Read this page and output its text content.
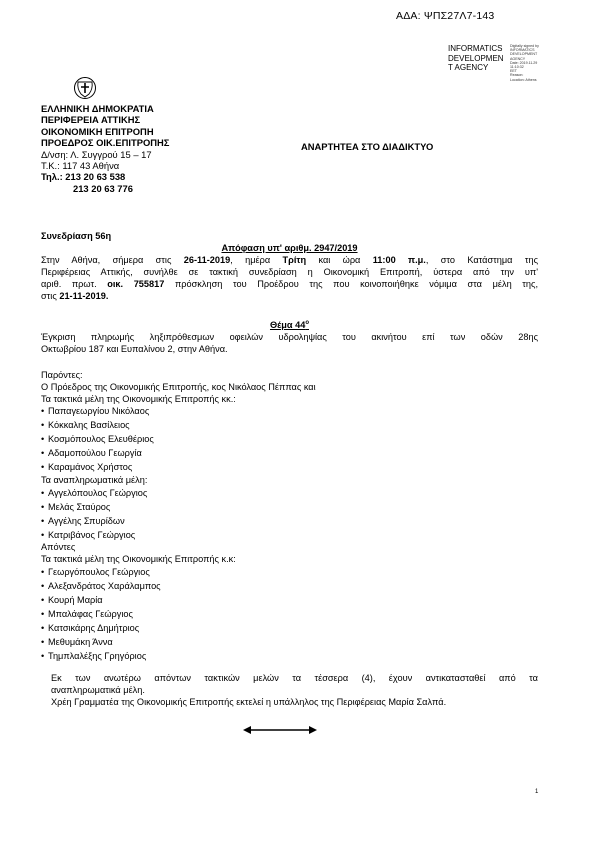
ΑΔΑ: ΨΠΣ27Λ7-143
INFORMATICS
DEVELOPMEN
T AGENCY
Digitally signed by
INFORMATICS
DEVELOPMENT AGENCY
Date: 2019.11.29 11:10:32
EET
Reason:
Location: Athens
ΕΛΛΗΝΙΚΗ ΔΗΜΟΚΡΑΤΙΑ
ΠΕΡΙΦΕΡΕΙΑ ΑΤΤΙΚΗΣ
ΟΙΚΟΝΟΜΙΚΗ ΕΠΙΤΡΟΠΗ
ΠΡΟΕΔΡΟΣ ΟΙΚ.ΕΠΙΤΡΟΠΗΣ
Δ/νση: Λ. Συγγρού 15 – 17
Τ.Κ.: 117 43 Αθήνα
Τηλ.: 213 20 63 538
213 20 63 776
ΑΝΑΡΤΗΤΕΑ ΣΤΟ ΔΙΑΔΙΚΤΥΟ
Συνεδρίαση 56η
Απόφαση υπ' αριθμ. 2947/2019
Στην Αθήνα, σήμερα στις 26-11-2019, ημέρα Τρίτη και ώρα 11:00 π.μ., στο Κατάστημα της
Περιφέρειας Αττικής, συνήλθε σε τακτική συνεδρίαση η Οικονομική Επιτροπή, ύστερα από την υπ'
αριθ. πρωτ. οικ. 755817 πρόσκληση του Προέδρου της που κοινοποιήθηκε νόμιμα στα μέλη της,
στις 21-11-2019.
Θέμα $44^o$
Έγκριση πληρωμής ληξιπρόθεσμων οφειλών υδροληψίας του ακινήτου επί των οδών 28ης
Οκτωβρίου 187 και Ευπαλίνου 2, στην Αθήνα.
Παρόντες:
Ο Πρόεδρος της Οικονομικής Επιτροπής, κος Νικόλαος Πέππας και
Τα τακτικά μέλη της Οικονομικής Επιτροπής κκ.:
• Παπαγεωργίου Νικόλαος
• Κόκκαλης Βασίλειος
• Κοσμόπουλος Ελευθέριος
• Αδαμοπούλου Γεωργία
• Καραμάνος Χρήστος
Τα αναπληρωματικά μέλη:
• Αγγελόπουλος Γεώργιος
• Μελάς Σταύρος
• Αγγέλης Σπυρίδων
• Κατριβάνος Γεώργιος
Απόντες
Τα τακτικά μέλη της Οικονομικής Επιτροπής κ.κ:
• Γεωργόπουλος Γεώργιος
• Αλεξανδράτος Χαράλαμπος
• Κουρή Μαρία
• Μπαλάφας Γεώργιος
• Κατσικάρης Δημήτριος
• Μεθυμάκη Άννα
• Τημπλαλέξης Γρηγόριος
Εκ των ανωτέρω απόντων τακτικών μελών τα τέσσερα (4), έχουν αντικατασταθεί από τα
αναπληρωματικά μέλη.
Χρέη Γραμματέα της Οικονομικής Επιτροπής εκτελεί η υπάλληλος της Περιφέρειας Μαρία Σαλπά.
1
